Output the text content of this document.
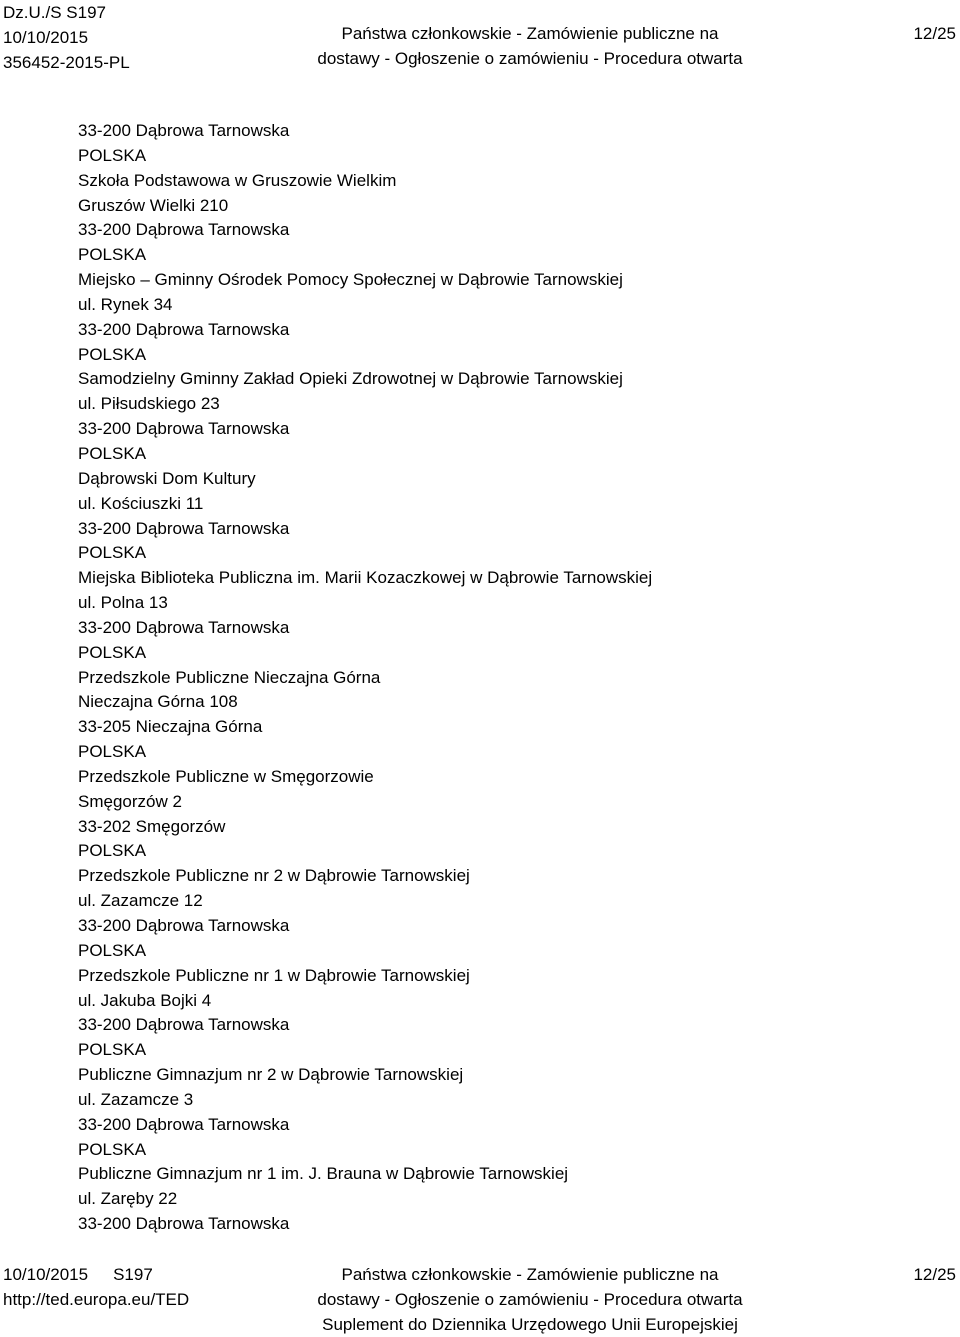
Dz.U./S S197
10/10/2015
356452-2015-PL
Państwa członkowskie - Zamówienie publiczne na
dostawy - Ogłoszenie o zamówieniu - Procedura otwarta
12/25
33-200 Dąbrowa Tarnowska
POLSKA
Szkoła Podstawowa w Gruszowie Wielkim
Gruszów Wielki 210
33-200 Dąbrowa Tarnowska
POLSKA
Miejsko – Gminny Ośrodek Pomocy Społecznej w Dąbrowie Tarnowskiej
ul. Rynek 34
33-200 Dąbrowa Tarnowska
POLSKA
Samodzielny Gminny Zakład Opieki Zdrowotnej w Dąbrowie Tarnowskiej
ul. Piłsudskiego 23
33-200 Dąbrowa Tarnowska
POLSKA
Dąbrowski Dom Kultury
ul. Kościuszki 11
33-200 Dąbrowa Tarnowska
POLSKA
Miejska Biblioteka Publiczna im. Marii Kozaczkowej w Dąbrowie Tarnowskiej
ul. Polna 13
33-200 Dąbrowa Tarnowska
POLSKA
Przedszkole Publiczne Nieczajna Górna
Nieczajna Górna 108
33-205 Nieczajna Górna
POLSKA
Przedszkole Publiczne w Smęgorzowie
Smęgorzów 2
33-202 Smęgorzów
POLSKA
Przedszkole Publiczne nr 2 w Dąbrowie Tarnowskiej
ul. Zazamcze 12
33-200 Dąbrowa Tarnowska
POLSKA
Przedszkole Publiczne nr 1 w Dąbrowie Tarnowskiej
ul. Jakuba Bojki 4
33-200 Dąbrowa Tarnowska
POLSKA
Publiczne Gimnazjum nr 2 w Dąbrowie Tarnowskiej
ul. Zazamcze 3
33-200 Dąbrowa Tarnowska
POLSKA
Publiczne Gimnazjum nr 1 im. J. Brauna w Dąbrowie Tarnowskiej
ul. Zaręby 22
33-200 Dąbrowa Tarnowska
10/10/2015 S197
http://ted.europa.eu/TED
Państwa członkowskie - Zamówienie publiczne na
dostawy - Ogłoszenie o zamówieniu - Procedura otwarta
Suplement do Dziennika Urzędowego Unii Europejskiej
12/25
